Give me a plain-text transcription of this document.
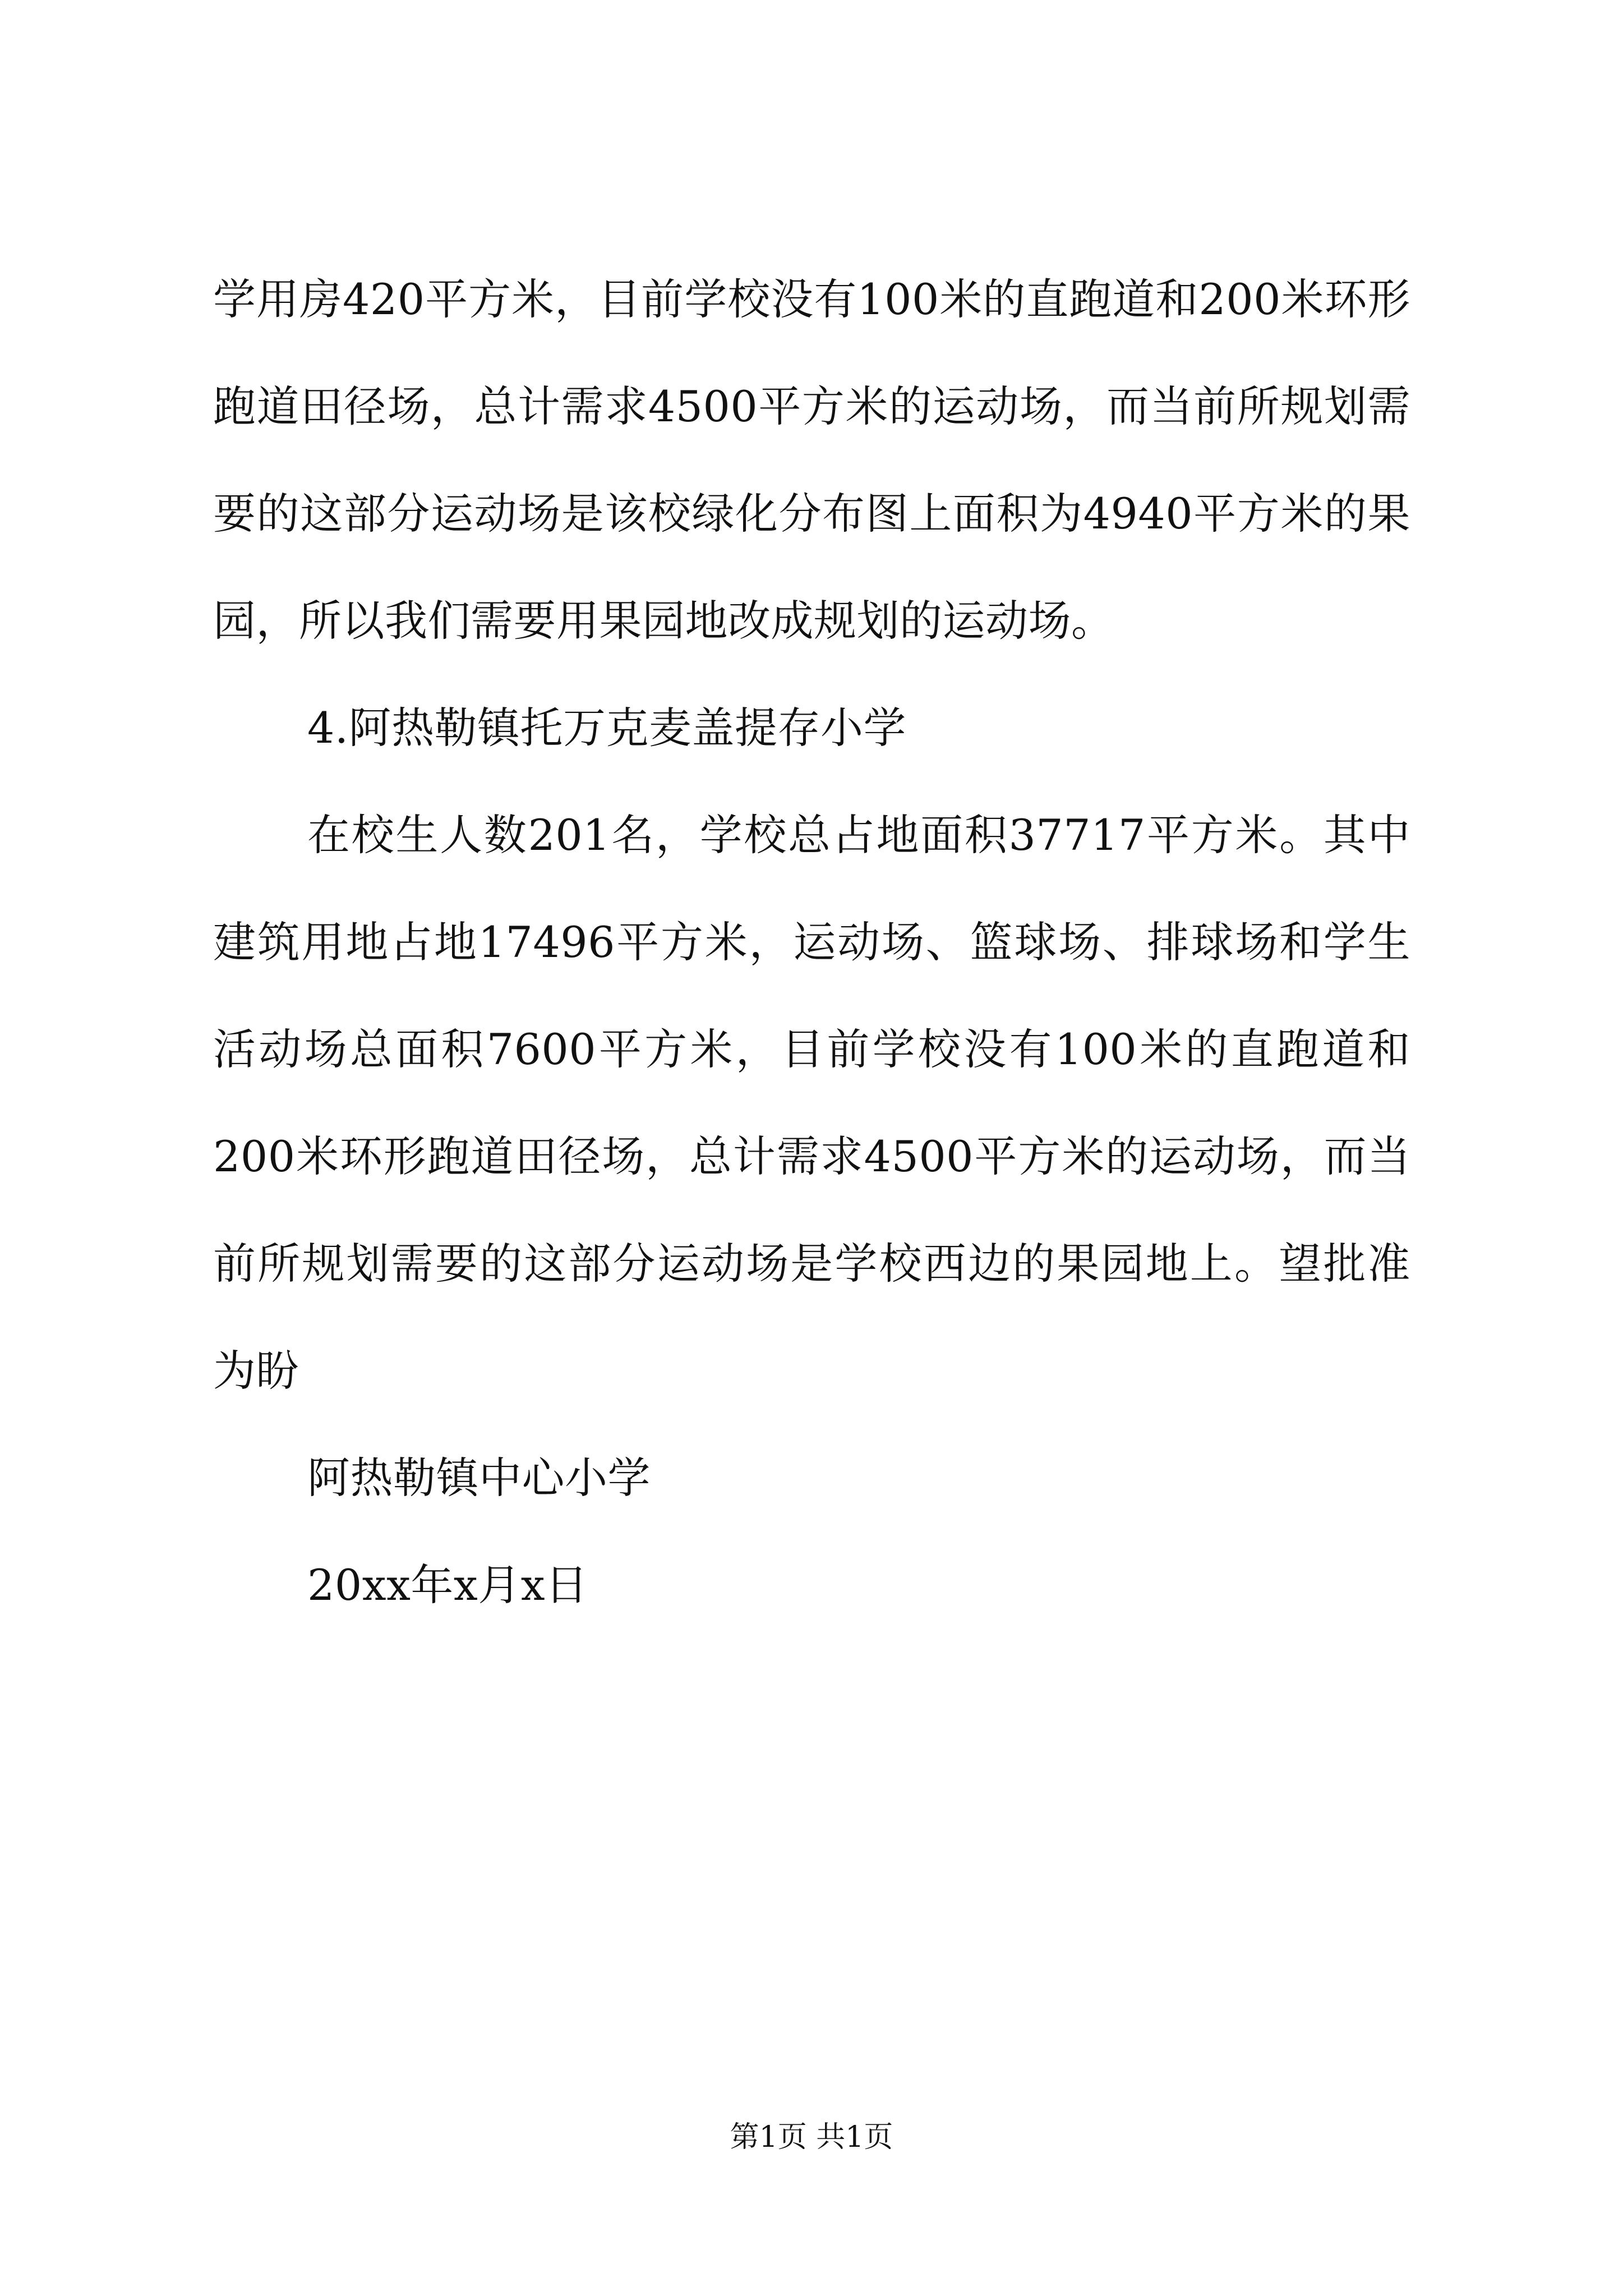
学用房420平方米，目前学校没有100米的直跑道和200米环形跑道田径场，总计需求4500平方米的运动场，而当前所规划需要的这部分运动场是该校绿化分布图上面积为4940平方米的果园，所以我们需要用果园地改成规划的运动场。

4.阿热勒镇托万克麦盖提存小学

在校生人数201名，学校总占地面积37717平方米。其中建筑用地占地17496平方米，运动场、篮球场、排球场和学生活动场总面积7600平方米，目前学校没有100米的直跑道和200米环形跑道田径场，总计需求4500平方米的运动场，而当前所规划需要的这部分运动场是学校西边的果园地上。望批准为盼

阿热勒镇中心小学

20xx年x月x日

第1页 共1页
